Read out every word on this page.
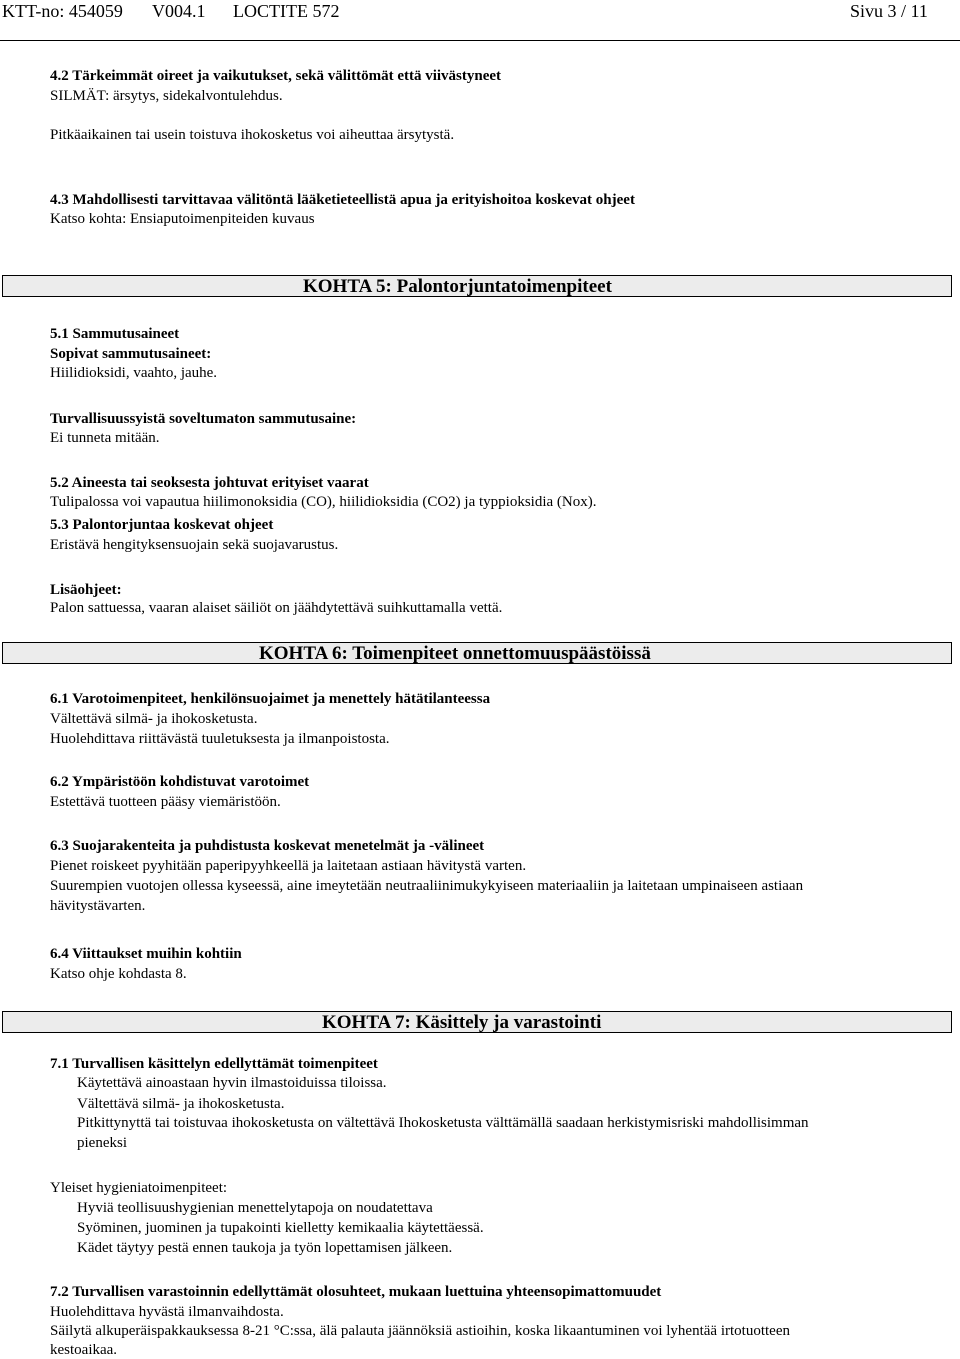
KTT-no: 454059 V004.1 LOCTITE 572	Sivu 3 / 11
4.2 Tärkeimmät oireet ja vaikutukset, sekä välittömät että viivästyneet
SILMÄT: ärsytys, sidekalvontulehdus.
Pitkäaikainen tai usein toistuva ihokosketus voi aiheuttaa ärsytystä.
4.3 Mahdollisesti tarvittavaa välitöntä lääketieteellistä apua ja erityishoitoa koskevat ohjeet
Katso kohta: Ensiaputoimenpiteiden kuvaus
KOHTA 5: Palontorjuntatoimenpiteet
5.1 Sammutusaineet
Sopivat sammutusaineet:
Hiilidioksidi, vaahto, jauhe.
Turvallisuussyistä soveltumaton sammutusaine:
Ei tunneta mitään.
5.2 Aineesta tai seoksesta johtuvat erityiset vaarat
Tulipalossa voi vapautua hiilimonoksidia (CO), hiilidioksidia (CO2) ja typpioksidia (Nox).
5.3 Palontorjuntaa koskevat ohjeet
Eristävä hengityksensuojain sekä suojavarustus.
Lisäohjeet:
Palon sattuessa, vaaran alaiset säiliöt on jäähdytettävä suihkuttamalla vettä.
KOHTA 6: Toimenpiteet onnettomuuspäästöissä
6.1 Varotoimenpiteet, henkilönsuojaimet ja menettely hätätilanteessa
Vältettävä silmä- ja ihokosketusta.
Huolehdittava riittävästä tuuletuksesta ja ilmanpoistosta.
6.2 Ympäristöön kohdistuvat varotoimet
Estettävä tuotteen pääsy viemäristöön.
6.3 Suojarakenteita ja puhdistusta koskevat menetelmät ja -välineet
Pienet roiskeet pyyhitään paperipyyhkeellä ja laitetaan astiaan hävitystä varten.
Suurempien vuotojen ollessa kyseessä, aine imeytetään neutraaliinimukykyiseen materiaaliin ja laitetaan umpinaiseen astiaan
hävitystävarten.
6.4 Viittaukset muihin kohtiin
Katso ohje kohdasta 8.
KOHTA 7: Käsittely ja varastointi
7.1 Turvallisen käsittelyn edellyttämät toimenpiteet
Käytettävä ainoastaan hyvin ilmastoiduissa tiloissa.
Vältettävä silmä- ja ihokosketusta.
Pitkittynyttä tai toistuvaa ihokosketusta on vältettävä Ihokosketusta välttämällä saadaan herkistymisriski mahdollisimman
pieneksi
Yleiset hygieniatoimenpiteet:
Hyviä teollisuushygienian menettelytapoja on noudatettava
Syöminen, juominen ja tupakointi kielletty kemikaalia käytettäessä.
Kädet täytyy pestä ennen taukoja ja työn lopettamisen jälkeen.
7.2 Turvallisen varastoinnin edellyttämät olosuhteet, mukaan luettuina yhteensopimattomuudet
Huolehdittava hyvästä ilmanvaihdosta.
Säilytä alkuperäispakkauksessa 8-21 °C:ssa, älä palauta jäännöksiä astioihin, koska likaantuminen voi lyhentää irtotuotteen
kestoaikaa.
